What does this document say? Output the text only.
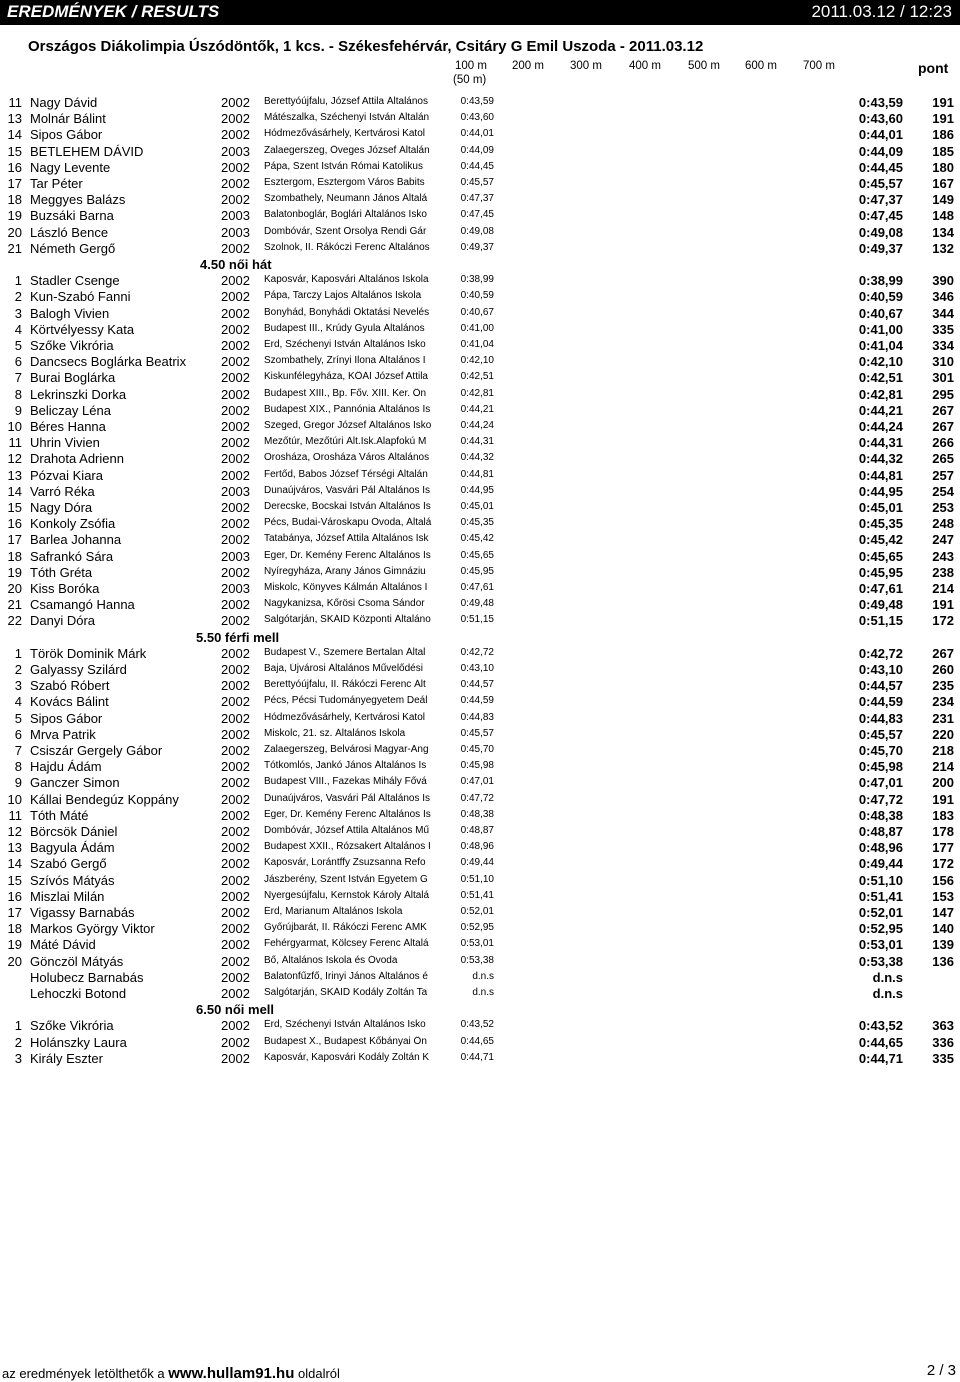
EREDMÉNYEK / RESULTS	2011.03.12 / 12:23
Országos Diákolimpia Úszódöntők, 1 kcs. - Székesfehérvár, Csitáry G Emil Uszoda - 2011.03.12
100 m
(50 m)
200 m 300 m 400 m 500 m 600 m 700 m	pont
11 Nagy Dávid	2002 Berettyóújfalu, József Attila Általános	0:43,59	0:43,59 191
13 Molnár Bálint	2002 Mátészalka, Széchenyi István Általán	0:43,60	0:43,60 191
14 Sipos Gábor	2002 Hódmezővásárhely, Kertvárosi Katol	0:44,01	0:44,01 186
15 BETLEHEM DÁVID	2003 Zalaegerszeg, Öveges József Általán	0:44,09	0:44,09 185
16 Nagy Levente	2002 Pápa, Szent István Római Katolikus	0:44,45	0:44,45 180
17 Tar Péter	2002 Esztergom, Esztergom Város Babits	0:45,57	0:45,57 167
18 Meggyes Balázs	2002 Szombathely, Neumann János Általá	0:47,37	0:47,37 149
19 Buzsáki Barna	2003 Balatonboglár, Boglári Általános Isko	0:47,45	0:47,45 148
20 László Bence	2003 Dombóvár, Szent Orsolya Rendi Gár	0:49,08	0:49,08 134
21 Németh Gergő	2002 Szolnok, II. Rákóczi Ferenc Általános	0:49,37	0:49,37 132
4.50 női hát
1 Stadler Csenge	2002 Kaposvár, Kaposvári Általános Iskola	0:38,99	0:38,99 390
2 Kun-Szabó Fanni	2002 Pápa, Tarczy Lajos Általános Iskola	0:40,59	0:40,59 346
3 Balogh Vivien	2002 Bonyhád, Bonyhádi Oktatási Nevelés	0:40,67	0:40,67 344
4 Körtvélyessy Kata	2002 Budapest III., Krúdy Gyula Általános	0:41,00	0:41,00 335
5 Szőke Vikrória	2002 Érd, Széchenyi István Általános Isko	0:41,04	0:41,04 334
6 Dancsecs Boglárka Beatrix	2002 Szombathely, Zrínyi Ilona Általános I	0:42,10	0:42,10 310
7 Burai Boglárka	2002 Kiskunfélegyháza, KÖÁI József Attila	0:42,51	0:42,51 301
8 Lekrinszki Dorka	2002 Budapest XIII., Bp. Főv. XIII. Ker. Ön	0:42,81	0:42,81 295
9 Beliczay Léna	2002 Budapest XIX., Pannónia Általános Is	0:44,21	0:44,21 267
10 Béres Hanna	2002 Szeged, Gregor József Általános Isko	0:44,24	0:44,24 267
11 Uhrin Vivien	2002 Mezőtúr, Mezőtúri Ált.Isk.Alapfokú M	0:44,31	0:44,31 266
12 Drahota Adrienn	2002 Orosháza, Orosháza Város Általános	0:44,32	0:44,32 265
13 Pózvai Kiara	2002 Fertőd, Babos József Térségi Általán	0:44,81	0:44,81 257
14 Varró Réka	2003 Dunaújváros, Vasvári Pál Általános Is	0:44,95	0:44,95 254
15 Nagy Dóra	2002 Derecske, Bocskai István Általános Is	0:45,01	0:45,01 253
16 Konkoly Zsófia	2002 Pécs, Budai-Városkapu Óvoda, Általá	0:45,35	0:45,35 248
17 Barlea Johanna	2002 Tatabánya, József Attila Általános Isk	0:45,42	0:45,42 247
18 Safrankó Sára	2003 Eger, Dr. Kemény Ferenc Általános Is	0:45,65	0:45,65 243
19 Tóth Gréta	2002 Nyíregyháza, Arany János Gimnáziu	0:45,95	0:45,95 238
20 Kiss Boróka	2003 Miskolc, Könyves Kálmán Általános I	0:47,61	0:47,61 214
21 Csamangó Hanna	2002 Nagykanizsa, Kőrösi Csoma Sándor	0:49,48	0:49,48 191
22 Danyi Dóra	2002 Salgótarján, SKÁID Központi Általáno	0:51,15	0:51,15 172
5.50 férfi mell
1 Török Dominik Márk	2002 Budapest V., Szemere Bertalan Által	0:42,72	0:42,72 267
2 Galyassy Szilárd	2002 Baja, Újvárosi Általános Művelődési	0:43,10	0:43,10 260
3 Szabó Róbert	2002 Berettyóújfalu, II. Rákóczi Ferenc Ált	0:44,57	0:44,57 235
4 Kovács Bálint	2002 Pécs, Pécsi Tudományegyetem Deál	0:44,59	0:44,59 234
5 Sipos Gábor	2002 Hódmezővásárhely, Kertvárosi Katol	0:44,83	0:44,83 231
6 Mrva Patrik	2002 Miskolc, 21. sz. Általános Iskola	0:45,57	0:45,57 220
7 Csiszár Gergely Gábor	2002 Zalaegerszeg, Belvárosi Magyar-Ang	0:45,70	0:45,70 218
8 Hajdu Ádám	2002 Tótkomlós, Jankó János Általános Is	0:45,98	0:45,98 214
9 Ganczer Simon	2002 Budapest VIII., Fazekas Mihály Fővá	0:47,01	0:47,01 200
10 Kállai Bendegúz Koppány	2002 Dunaújváros, Vasvári Pál Általános Is	0:47,72	0:47,72 191
11 Tóth Máté	2002 Eger, Dr. Kemény Ferenc Általános Is	0:48,38	0:48,38 183
12 Börcsök Dániel	2002 Dombóvár, József Attila Általános Mű	0:48,87	0:48,87 178
13 Bagyula Ádám	2002 Budapest XXII., Rózsakert Általános I	0:48,96	0:48,96 177
14 Szabó Gergő	2002 Kaposvár, Lorántffy Zsuzsanna Refo	0:49,44	0:49,44 172
15 Szívós Mátyás	2002 Jászberény, Szent István Egyetem G	0:51,10	0:51,10 156
16 Miszlai Milán	2002 Nyergesújfalu, Kernstok Károly Általá	0:51,41	0:51,41 153
17 Vigassy Barnabás	2002 Érd, Marianum Általános Iskola	0:52,01	0:52,01 147
18 Markos György Viktor	2002 Győrújbarát, II. Rákóczi Ferenc ÁMK	0:52,95	0:52,95 140
19 Máté Dávid	2002 Fehérgyarmat, Kölcsey Ferenc Általá	0:53,01	0:53,01 139
20 Gönczöl Mátyás	2002 Bő, Általános Iskola és Óvoda	0:53,38	0:53,38 136
Holubecz Barnabás	2002 Balatonfűzfő, Irinyi János Általános é	d.n.s	d.n.s
Lehoczki Botond	2002 Salgótarján, SKÁID Kodály Zoltán Ta	d.n.s	d.n.s
6.50 női mell
1 Szőke Vikrória	2002 Érd, Széchenyi István Általános Isko	0:43,52	0:43,52 363
2 Holánszky Laura	2002 Budapest X., Budapest Kőbányai Ön	0:44,65	0:44,65 336
3 Király Eszter	2002 Kaposvár, Kaposvári Kodály Zoltán K	0:44,71	0:44,71 335
az eredmények letölthetők a www.hullam91.hu oldalról	2 / 3
